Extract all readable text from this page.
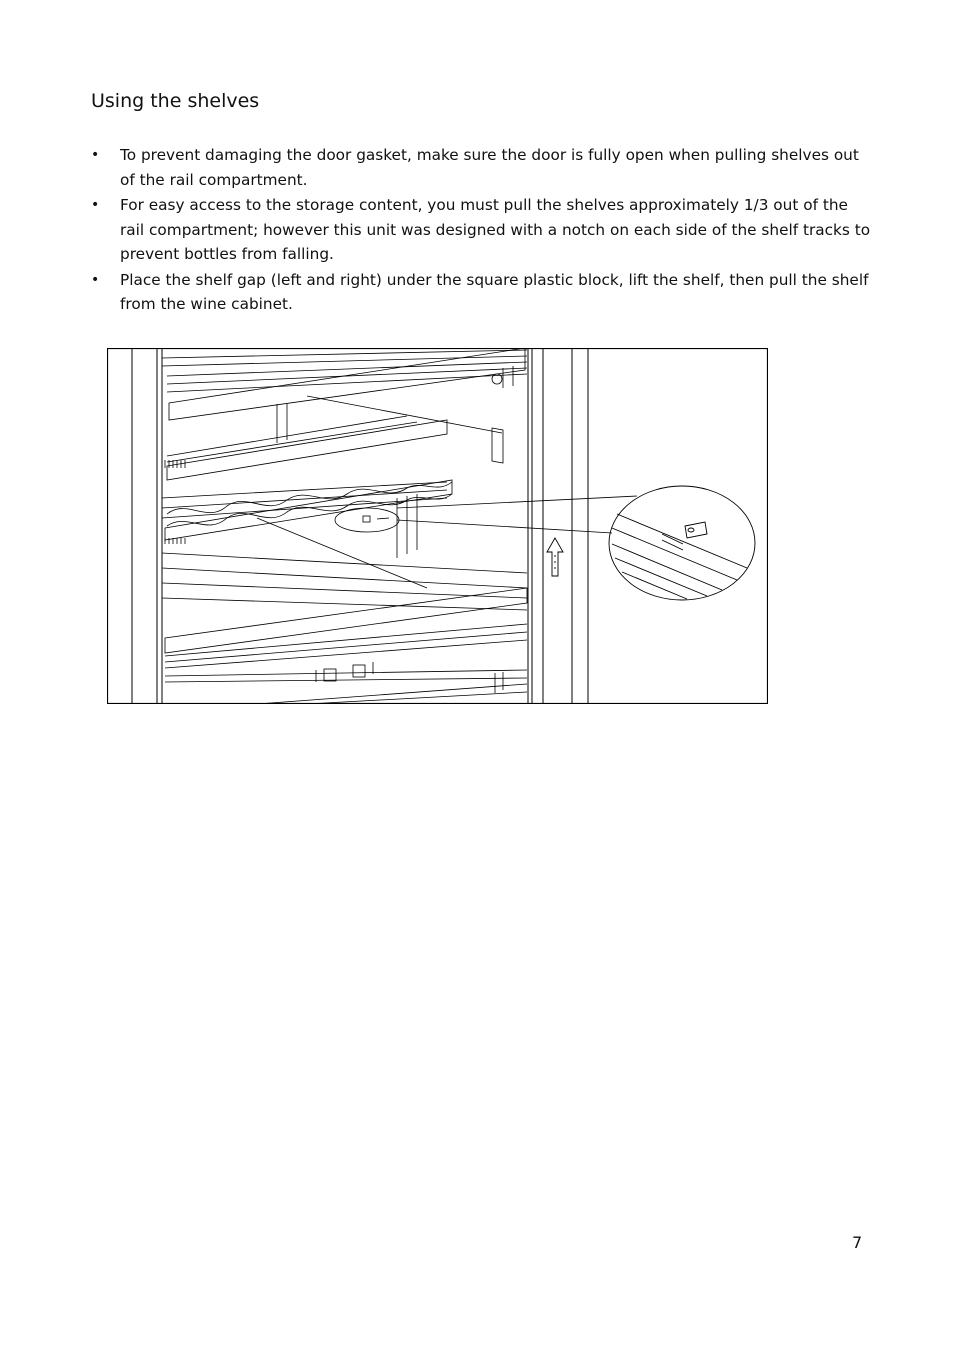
Using the shelves
• To prevent damaging the door gasket, make sure the door is fully open when pulling shelves out of the rail compartment.
• For easy access to the storage content, you must pull the shelves approximately 1/3 out of the rail compartment; however this unit was designed with a notch on each side of the shelf tracks to prevent bottles from falling.
• Place the shelf gap (left and right) under the square plastic block, lift the shelf, then pull the shelf from the wine cabinet.
7
